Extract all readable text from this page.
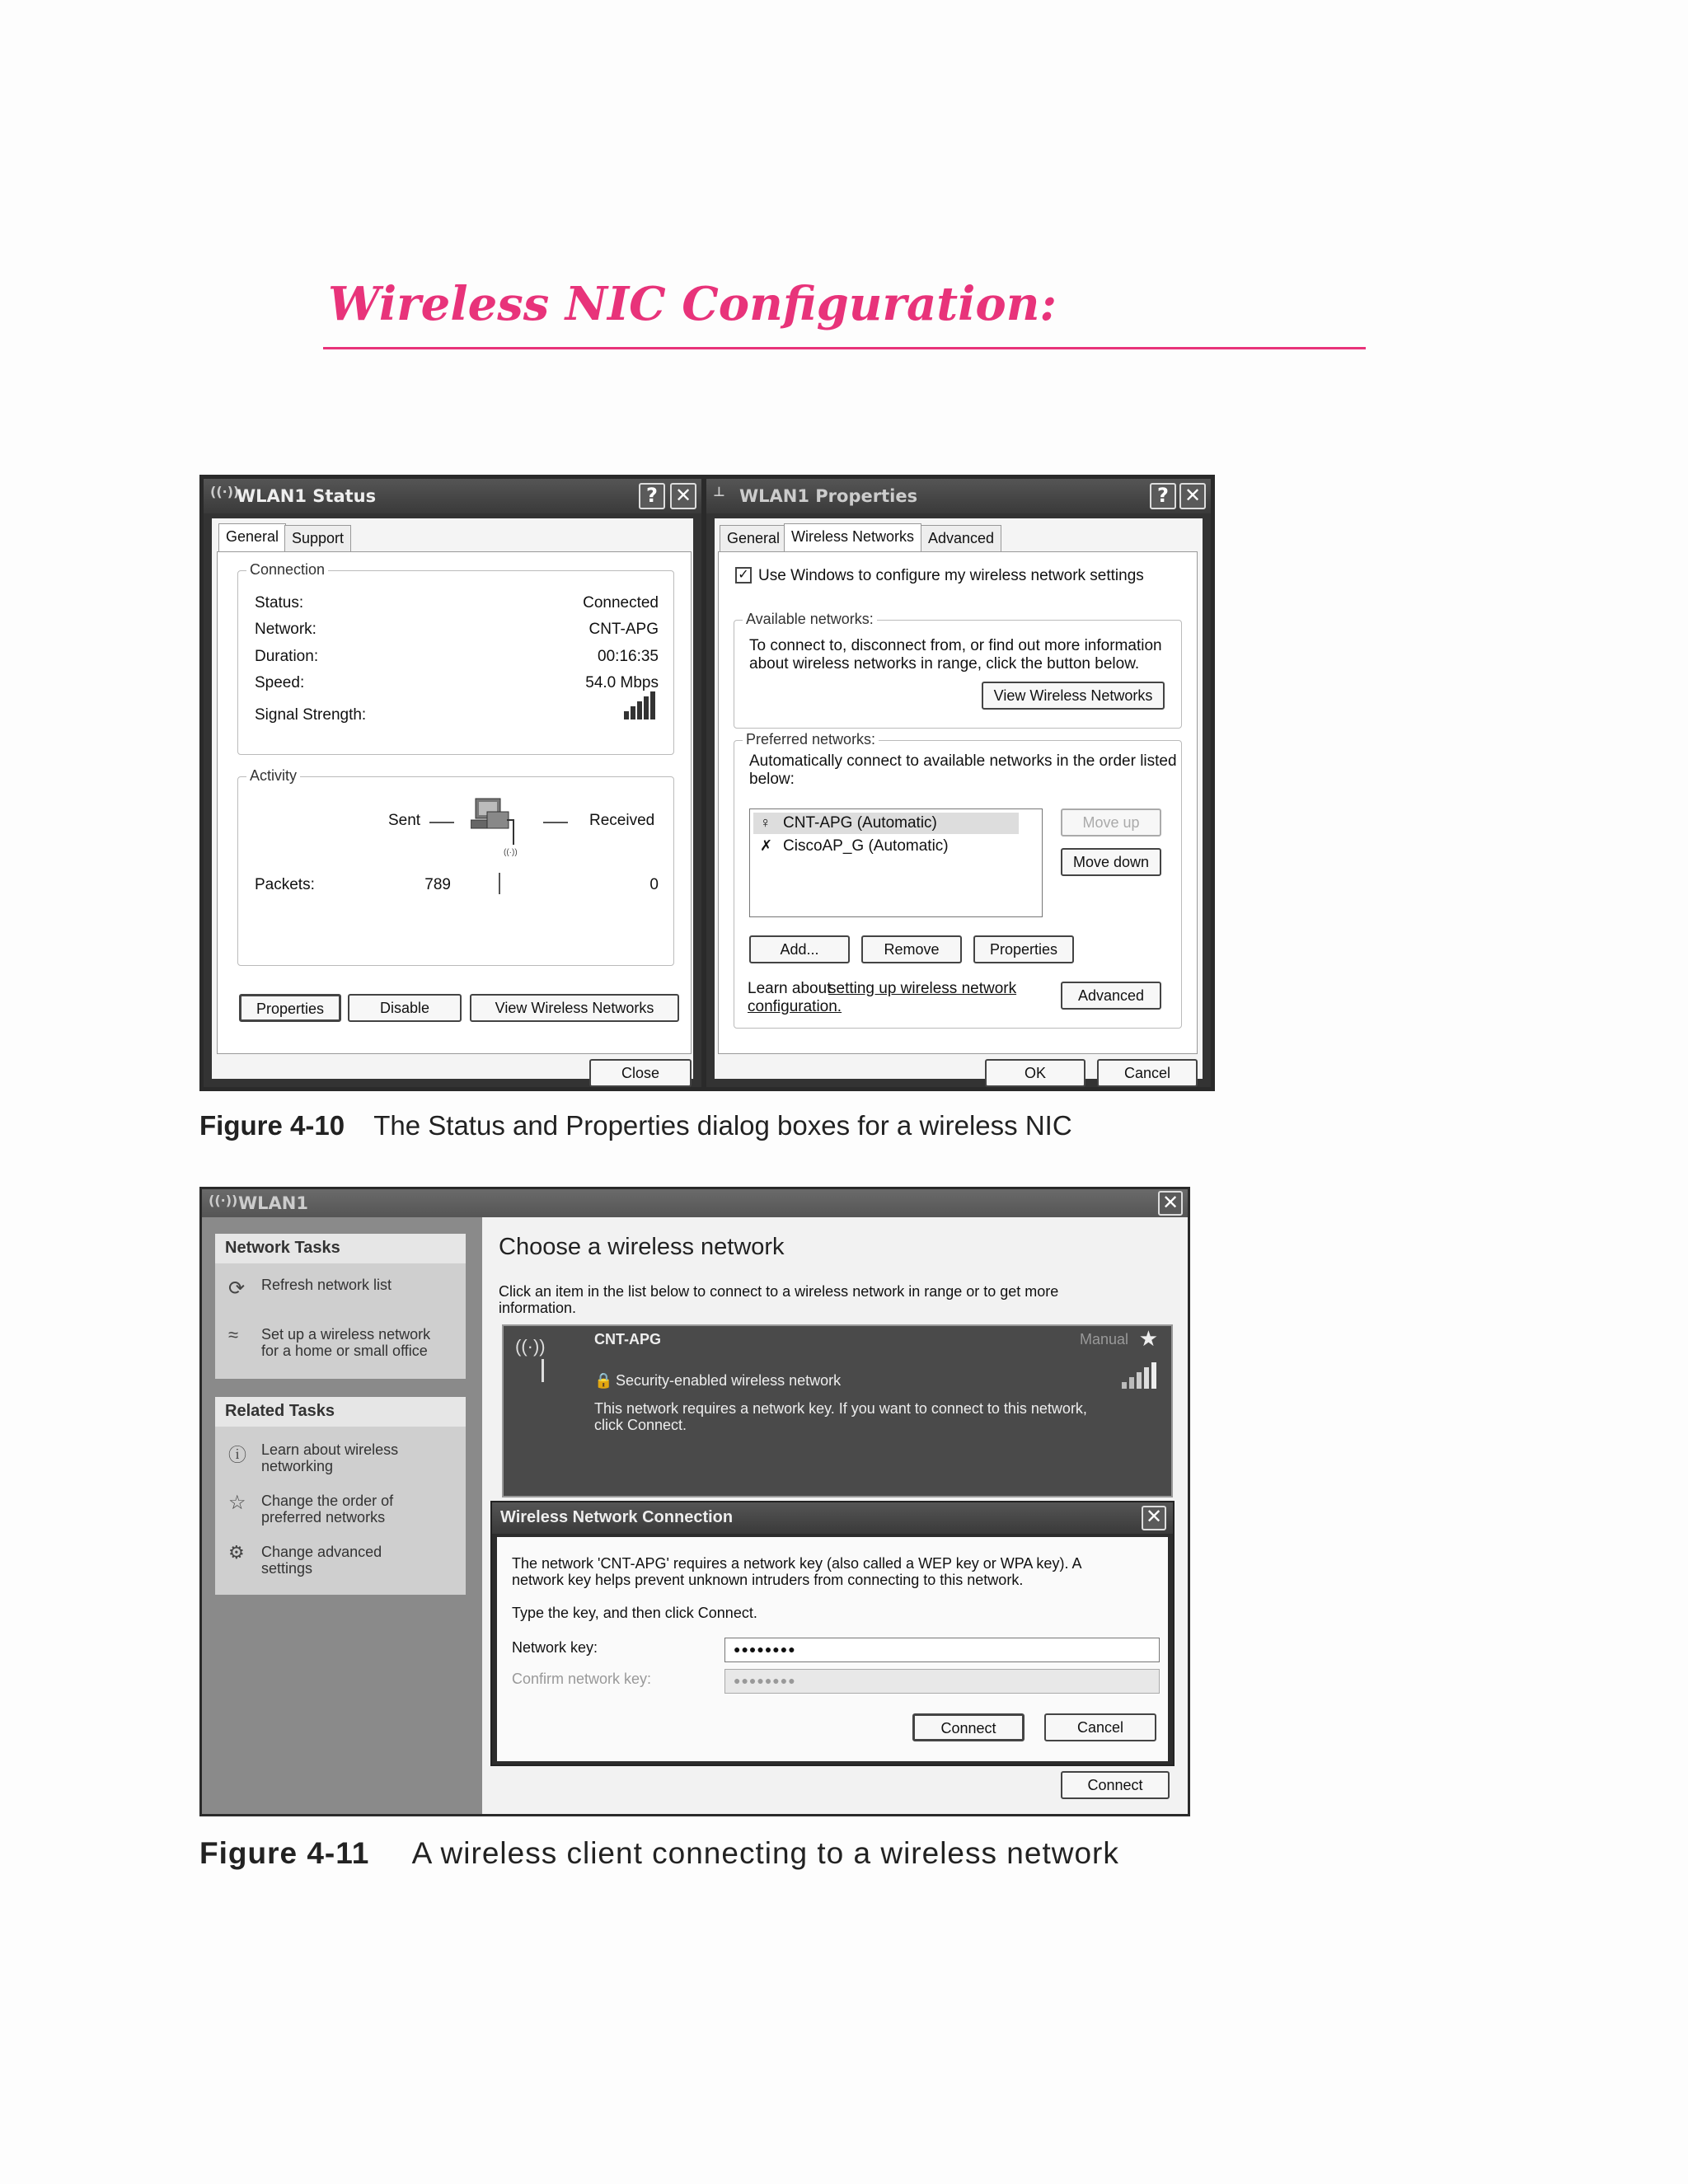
Wireless NIC Configuration:
((·))
WLAN1 Status	? ✕
General Support
Connection
Status:	Connected
Network:	CNT-APG
Duration:	00:16:35
Speed:	54.0 Mbps
Signal Strength:
Activity
Sent
((·))
Received
Packets:	789	0
Properties	Disable	View Wireless Networks
Close
⊥ WLAN1 Properties	? ✕
General Wireless Networks Advanced
✓ Use Windows to configure my wireless network settings
Available networks:
To connect to, disconnect from, or find out more information
about wireless networks in range, click the button below.
View Wireless Networks
Preferred networks:
Automatically connect to available networks in the order listed
below:
♀ CNT-APG (Automatic)
✗ CiscoAP_G (Automatic)
Move up
Move down
Add...	Remove	Properties
Learn about
setting up wireless network
configuration.
Advanced
OK	Cancel
Figure 4-10 The Status and Properties dialog boxes for a wireless NIC
((·)) WLAN1	✕
Network Tasks
⟳ Refresh network list
≈ Set up a wireless network
for a home or small office
Related Tasks
ⓘ Learn about wireless
networking
☆ Change the order of
preferred networks
⚙ Change advanced
settings
Choose a wireless network
Click an item in the list below to connect to a wireless network in range or to get more
information.
((·))	CNT-APG	Manual ★
🔒 Security-enabled wireless network
This network requires a network key. If you want to connect to this network,
click Connect.
Connect
Wireless Network Connection	✕
The network 'CNT-APG' requires a network key (also called a WEP key or WPA key). A
network key helps prevent unknown intruders from connecting to this network.
Type the key, and then click Connect.
Network key:	●●●●●●●●
Confirm network key:	●●●●●●●●
Connect	Cancel
Figure 4-11 A wireless client connecting to a wireless network
